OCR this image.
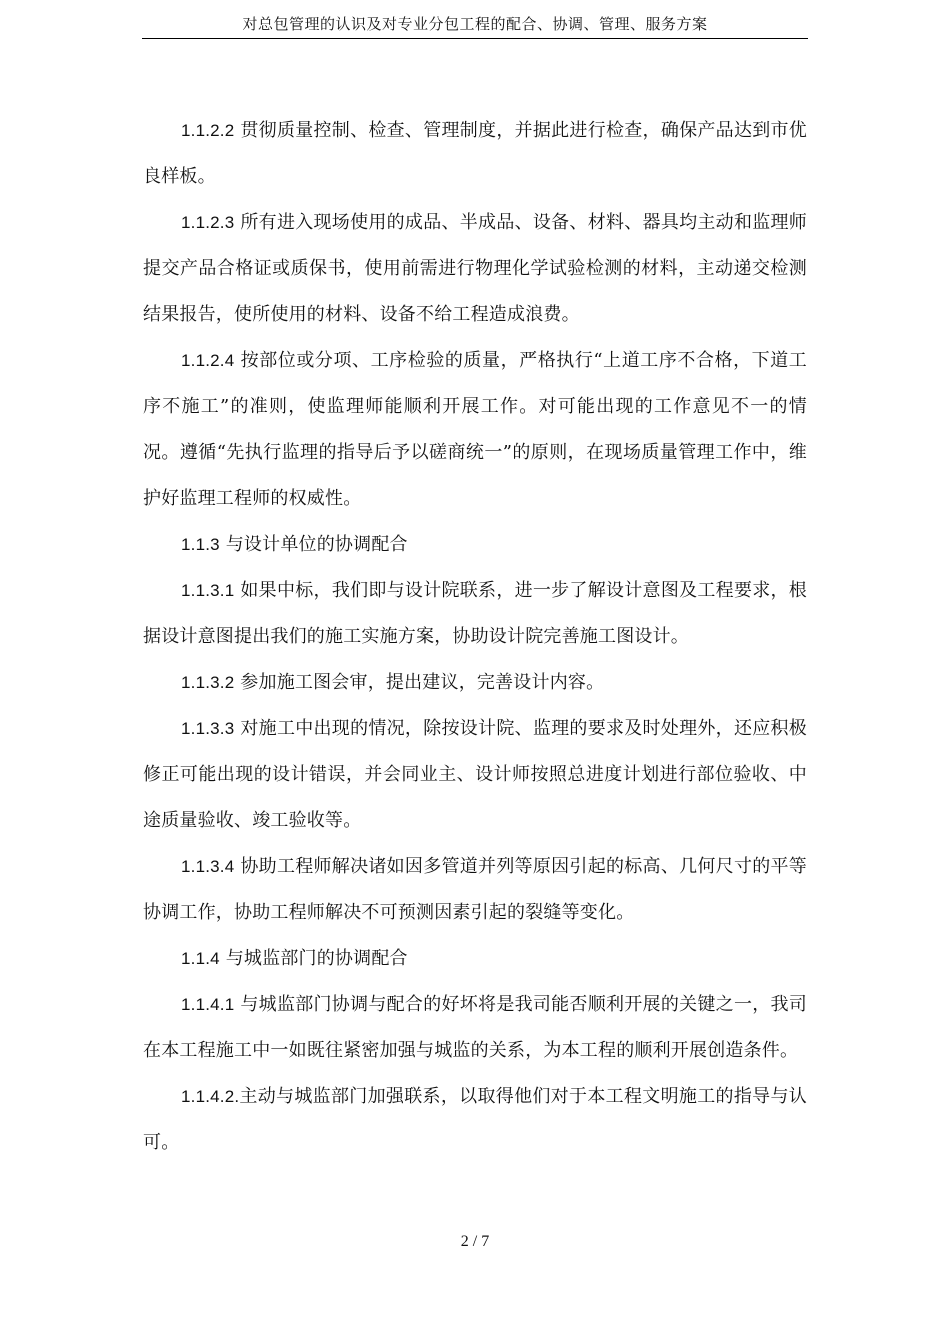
对总包管理的认识及对专业分包工程的配合、协调、管理、服务方案

1.1.2.2 贯彻质量控制、检查、管理制度，并据此进行检查，确保产品达到市优良样板。

1.1.2.3 所有进入现场使用的成品、半成品、设备、材料、器具均主动和监理师提交产品合格证或质保书，使用前需进行物理化学试验检测的材料，主动递交检测结果报告，使所使用的材料、设备不给工程造成浪费。

1.1.2.4 按部位或分项、工序检验的质量，严格执行“上道工序不合格，下道工序不施工”的准则，使监理师能顺利开展工作。对可能出现的工作意见不一的情况。遵循“先执行监理的指导后予以磋商统一”的原则，在现场质量管理工作中，维护好监理工程师的权威性。

1.1.3 与设计单位的协调配合

1.1.3.1 如果中标，我们即与设计院联系，进一步了解设计意图及工程要求，根据设计意图提出我们的施工实施方案，协助设计院完善施工图设计。

1.1.3.2 参加施工图会审，提出建议，完善设计内容。

1.1.3.3 对施工中出现的情况，除按设计院、监理的要求及时处理外，还应积极修正可能出现的设计错误，并会同业主、设计师按照总进度计划进行部位验收、中途质量验收、竣工验收等。

1.1.3.4 协助工程师解决诸如因多管道并列等原因引起的标高、几何尺寸的平等协调工作，协助工程师解决不可预测因素引起的裂缝等变化。

1.1.4 与城监部门的协调配合

1.1.4.1 与城监部门协调与配合的好坏将是我司能否顺利开展的关键之一，我司在本工程施工中一如既往紧密加强与城监的关系，为本工程的顺利开展创造条件。

1.1.4.2.主动与城监部门加强联系，以取得他们对于本工程文明施工的指导与认可。

2 / 7
